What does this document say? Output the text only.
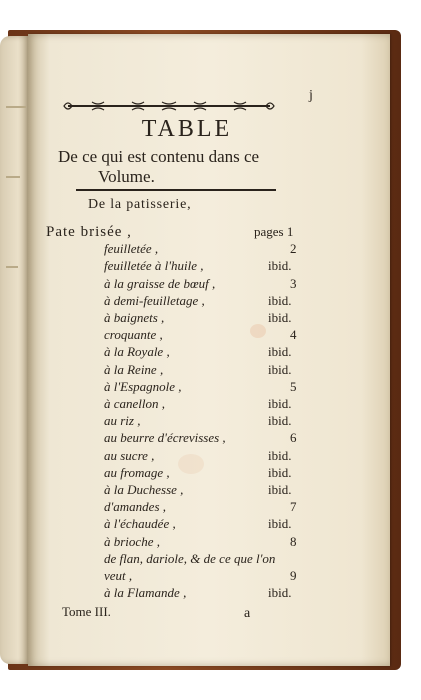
j
TABLE
De ce qui est contenu dans ce
Volume.
De la patisserie,
Pate brisée ,	pages 1
feuilletée ,	2
feuilletée à l'huile ,	ibid.
à la graisse de bœuf ,	3
à demi-feuilletage ,	ibid.
à baignets ,	ibid.
croquante ,	4
à la Royale ,	ibid.
à la Reine ,	ibid.
à l'Espagnole ,	5
à canellon ,	ibid.
au riz ,	ibid.
au beurre d'écrevisses ,	6
au sucre ,	ibid.
au fromage ,	ibid.
à la Duchesse ,	ibid.
d'amandes ,	7
à l'échaudée ,	ibid.
à brioche ,	8
de flan, dariole, & de ce que l'on
veut ,	9
à la Flamande ,	ibid.
Tome III.	a
